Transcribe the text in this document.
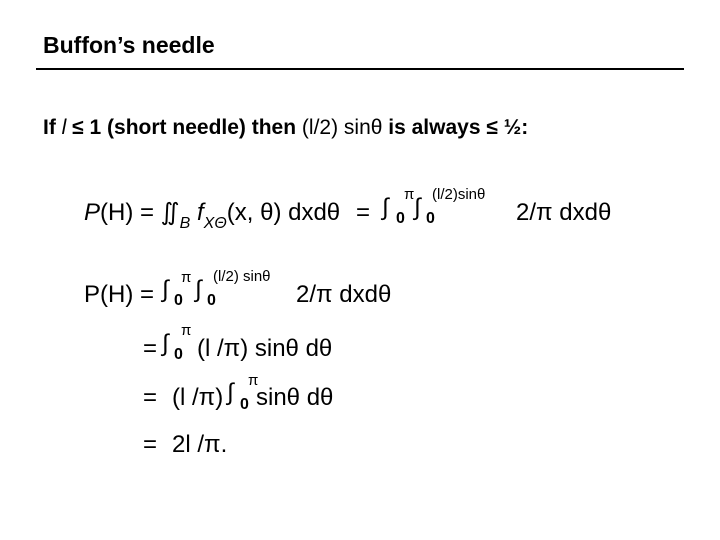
Buffon’s needle
If l ≤ 1 (short needle) then (l/2) sinθ is always ≤ ½:
$P(H) = ∬_B$ $f_{X\Theta}(x$, θ) dxdθ = ∫ π
0 ∫ (l/2)sinθ
0	2/π dxdθ
P(H) = ∫ π
0 ∫ (l/2) sinθ
0	2/π dxdθ
= ∫ π
0 (l /π) sinθ dθ
= (l /π) ∫ π
0 sinθ dθ
= 2l /π.
